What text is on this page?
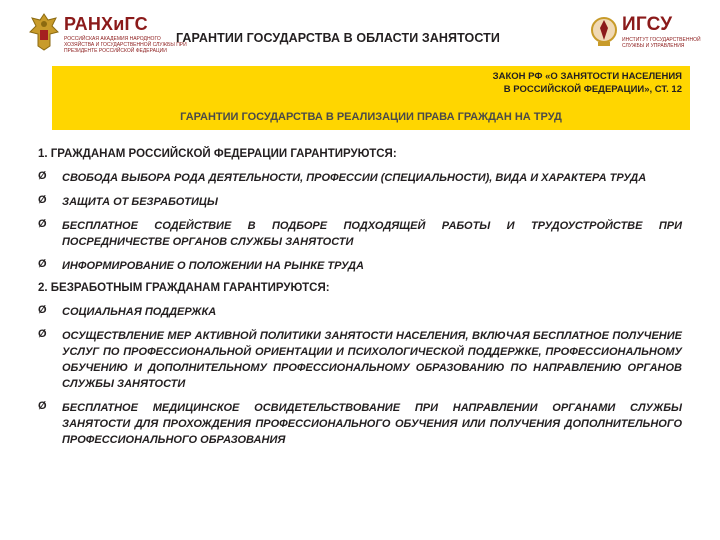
РАНХиГС
РОССИЙСКАЯ АКАДЕМИЯ НАРОДНОГО ХОЗЯЙСТВА И ГОСУДАРСТВЕННОЙ СЛУЖБЫ ПРИ ПРЕЗИДЕНТЕ РОССИЙСКОЙ ФЕДЕРАЦИИ
ГАРАНТИИ ГОСУДАРСТВА В ОБЛАСТИ ЗАНЯТОСТИ
ИГСУ
ИНСТИТУТ ГОСУДАРСТВЕННОЙ СЛУЖБЫ И УПРАВЛЕНИЯ
ЗАКОН РФ «О ЗАНЯТОСТИ НАСЕЛЕНИЯ
В РОССИЙСКОЙ ФЕДЕРАЦИИ», СТ. 12
ГАРАНТИИ ГОСУДАРСТВА В РЕАЛИЗАЦИИ ПРАВА ГРАЖДАН НА ТРУД
1. ГРАЖДАНАМ РОССИЙСКОЙ ФЕДЕРАЦИИ ГАРАНТИРУЮТСЯ:
Ø СВОБОДА ВЫБОРА РОДА ДЕЯТЕЛЬНОСТИ, ПРОФЕССИИ (СПЕЦИАЛЬНОСТИ), ВИДА И ХАРАКТЕРА ТРУДА
Ø ЗАЩИТА ОТ БЕЗРАБОТИЦЫ
Ø БЕСПЛАТНОЕ СОДЕЙСТВИЕ В ПОДБОРЕ ПОДХОДЯЩЕЙ РАБОТЫ И ТРУДОУСТРОЙСТВЕ ПРИ ПОСРЕДНИЧЕСТВЕ ОРГАНОВ СЛУЖБЫ ЗАНЯТОСТИ
Ø ИНФОРМИРОВАНИЕ О ПОЛОЖЕНИИ НА РЫНКЕ ТРУДА
2. БЕЗРАБОТНЫМ ГРАЖДАНАМ ГАРАНТИРУЮТСЯ:
Ø СОЦИАЛЬНАЯ ПОДДЕРЖКА
Ø ОСУЩЕСТВЛЕНИЕ МЕР АКТИВНОЙ ПОЛИТИКИ ЗАНЯТОСТИ НАСЕЛЕНИЯ, ВКЛЮЧАЯ БЕСПЛАТНОЕ ПОЛУЧЕНИЕ УСЛУГ ПО ПРОФЕССИОНАЛЬНОЙ ОРИЕНТАЦИИ И ПСИХОЛОГИЧЕСКОЙ ПОДДЕРЖКЕ, ПРОФЕССИОНАЛЬНОМУ ОБУЧЕНИЮ И ДОПОЛНИТЕЛЬНОМУ ПРОФЕССИОНАЛЬНОМУ ОБРАЗОВАНИЮ ПО НАПРАВЛЕНИЮ ОРГАНОВ СЛУЖБЫ ЗАНЯТОСТИ
Ø БЕСПЛАТНОЕ МЕДИЦИНСКОЕ ОСВИДЕТЕЛЬСТВОВАНИЕ ПРИ НАПРАВЛЕНИИ ОРГАНАМИ СЛУЖБЫ ЗАНЯТОСТИ ДЛЯ ПРОХОЖДЕНИЯ ПРОФЕССИОНАЛЬНОГО ОБУЧЕНИЯ ИЛИ ПОЛУЧЕНИЯ ДОПОЛНИТЕЛЬНОГО ПРОФЕССИОНАЛЬНОГО ОБРАЗОВАНИЯ
